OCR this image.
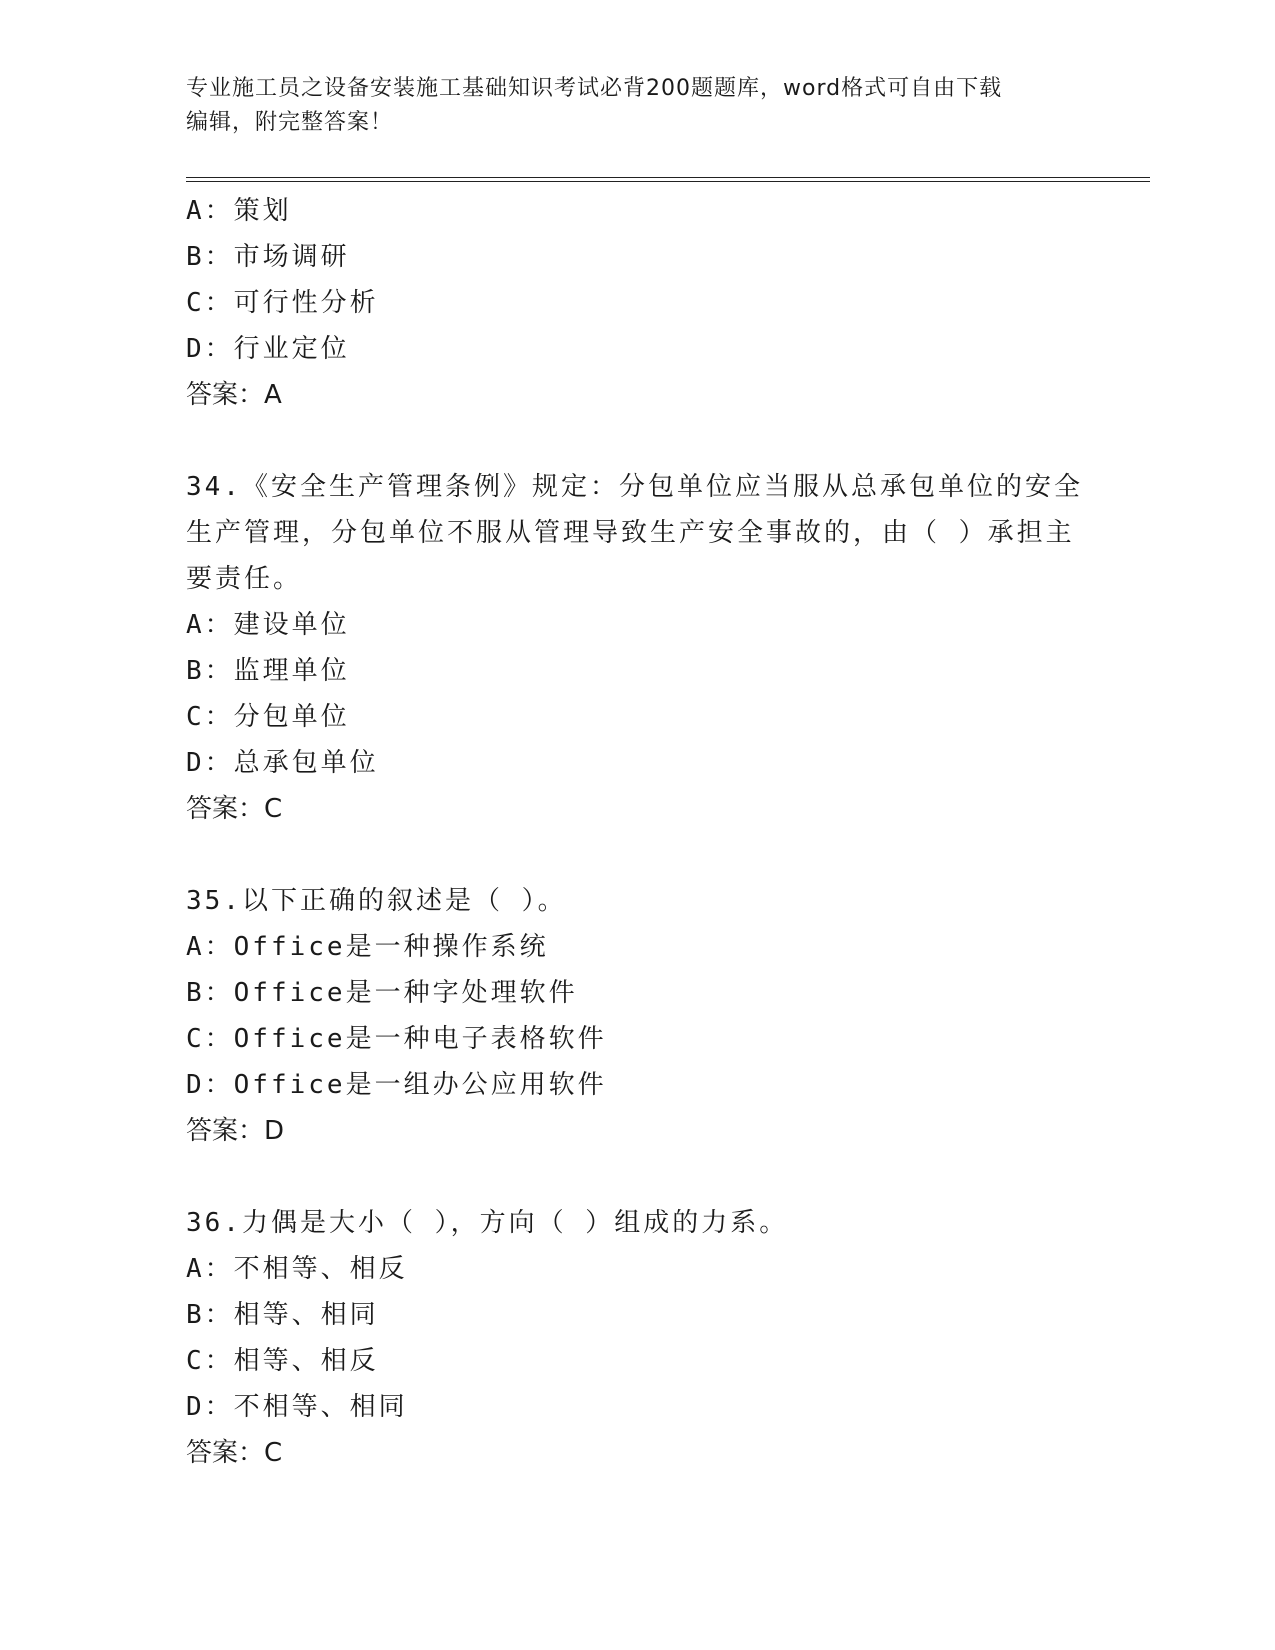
专业施工员之设备安装施工基础知识考试必背200题题库，word格式可自由下载
编辑，附完整答案！
A：策划
B：市场调研
C：可行性分析
D：行业定位
答案：A
34.《安全生产管理条例》规定：分包单位应当服从总承包单位的安全
生产管理，分包单位不服从管理导致生产安全事故的，由（ ）承担主
要责任。
A：建设单位
B：监理单位
C：分包单位
D：总承包单位
答案：C
35.以下正确的叙述是（ ）。
A：Office是一种操作系统
B：Office是一种字处理软件
C：Office是一种电子表格软件
D：Office是一组办公应用软件
答案：D
36.力偶是大小（ ），方向（ ）组成的力系。
A：不相等、相反
B：相等、相同
C：相等、相反
D：不相等、相同
答案：C
